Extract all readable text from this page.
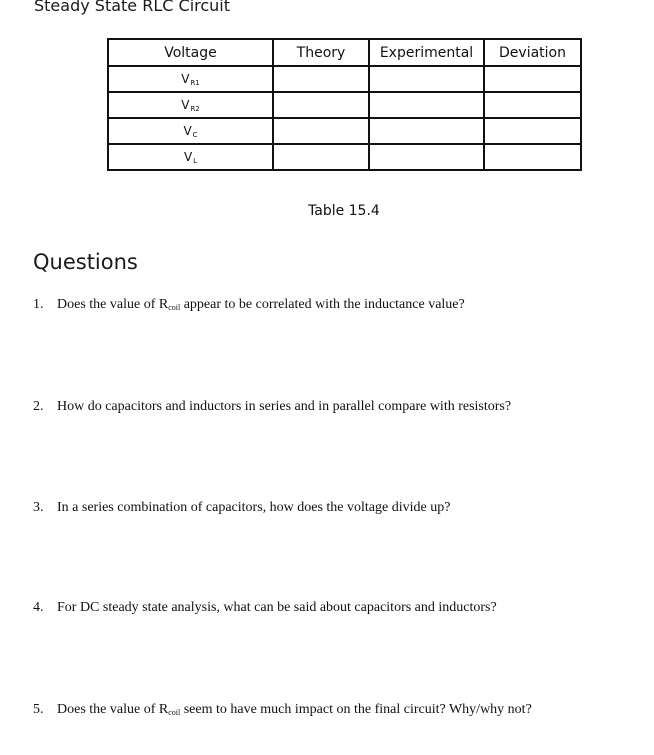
Steady State RLC Circuit
Voltage	Theory	Experimental	Deviation
$V_{R1}$			
$V_{R2}$			
$V_C$			
$V_L$			
Table 15.4
Questions
1. Does the value of $R_{coil}$ appear to be correlated with the inductance value?
2. How do capacitors and inductors in series and in parallel compare with resistors?
3. In a series combination of capacitors, how does the voltage divide up?
4. For DC steady state analysis, what can be said about capacitors and inductors?
5. Does the value of $R_{coil}$ seem to have much impact on the final circuit? Why/why not?
